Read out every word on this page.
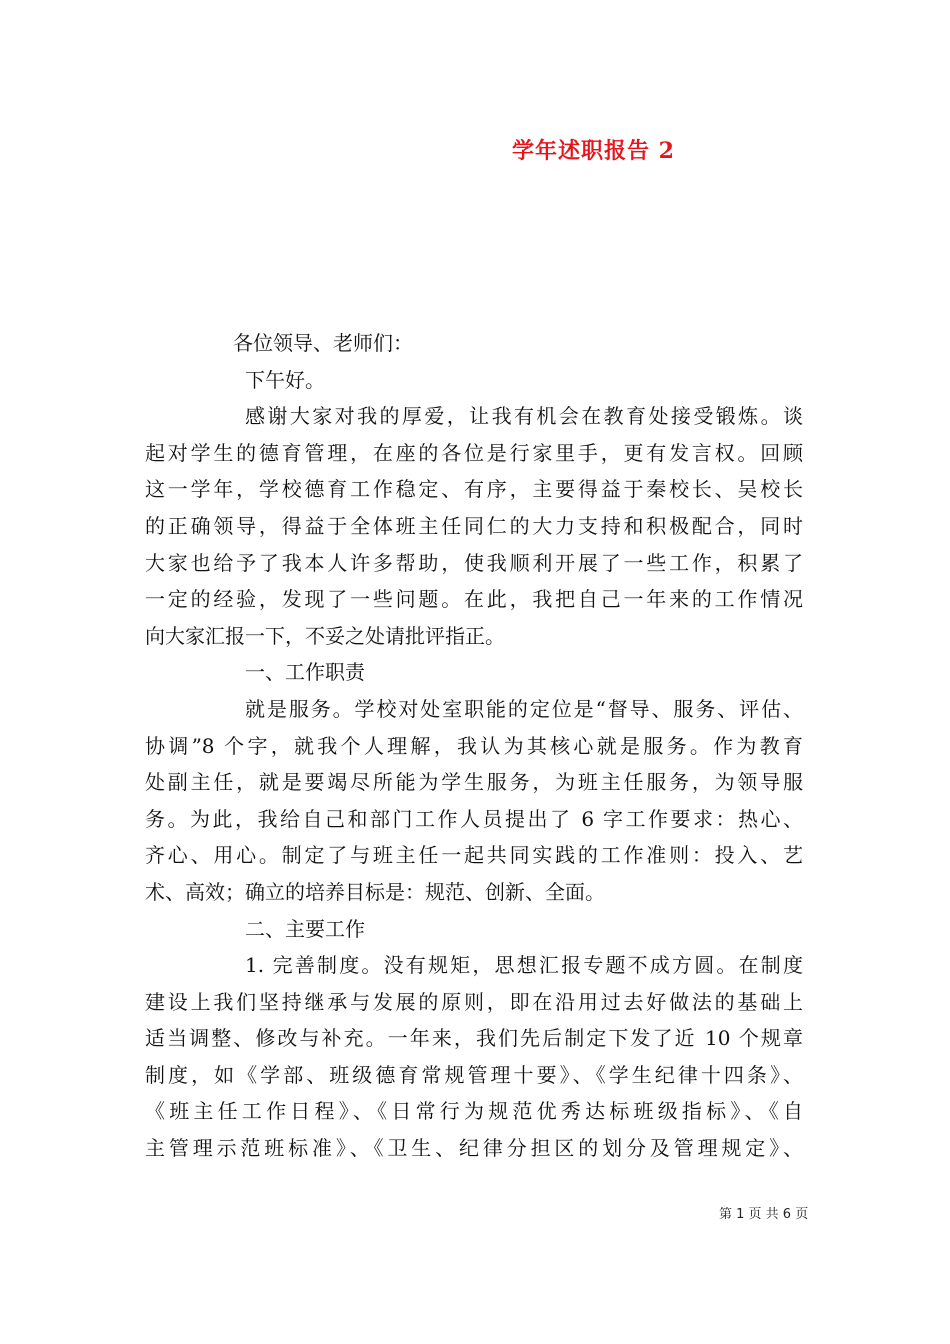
学年述职报告 2
各位领导、老师们：
下午好。
感谢大家对我的厚爱，让我有机会在教育处接受锻炼。谈
起对学生的德育管理，在座的各位是行家里手，更有发言权。回顾
这一学年，学校德育工作稳定、有序，主要得益于秦校长、吴校长
的正确领导，得益于全体班主任同仁的大力支持和积极配合，同时
大家也给予了我本人许多帮助，使我顺利开展了一些工作，积累了
一定的经验，发现了一些问题。在此，我把自己一年来的工作情况
向大家汇报一下，不妥之处请批评指正。
一、工作职责
就是服务。学校对处室职能的定位是“督导、服务、评估、
协调”8 个字，就我个人理解，我认为其核心就是服务。作为教育
处副主任，就是要竭尽所能为学生服务，为班主任服务，为领导服
务。为此，我给自己和部门工作人员提出了 6 字工作要求：热心、
齐心、用心。制定了与班主任一起共同实践的工作准则：投入、艺
术、高效；确立的培养目标是：规范、创新、全面。
二、主要工作
1. 完善制度。没有规矩，思想汇报专题不成方圆。在制度
建设上我们坚持继承与发展的原则，即在沿用过去好做法的基础上
适当调整、修改与补充。一年来，我们先后制定下发了近 10 个规章
制度，如《学部、班级德育常规管理十要》、《学生纪律十四条》、
《班主任工作日程》、《日常行为规范优秀达标班级指标》、《自
主管理示范班标准》、《卫生、纪律分担区的划分及管理规定》、
第 1 页 共 6 页
